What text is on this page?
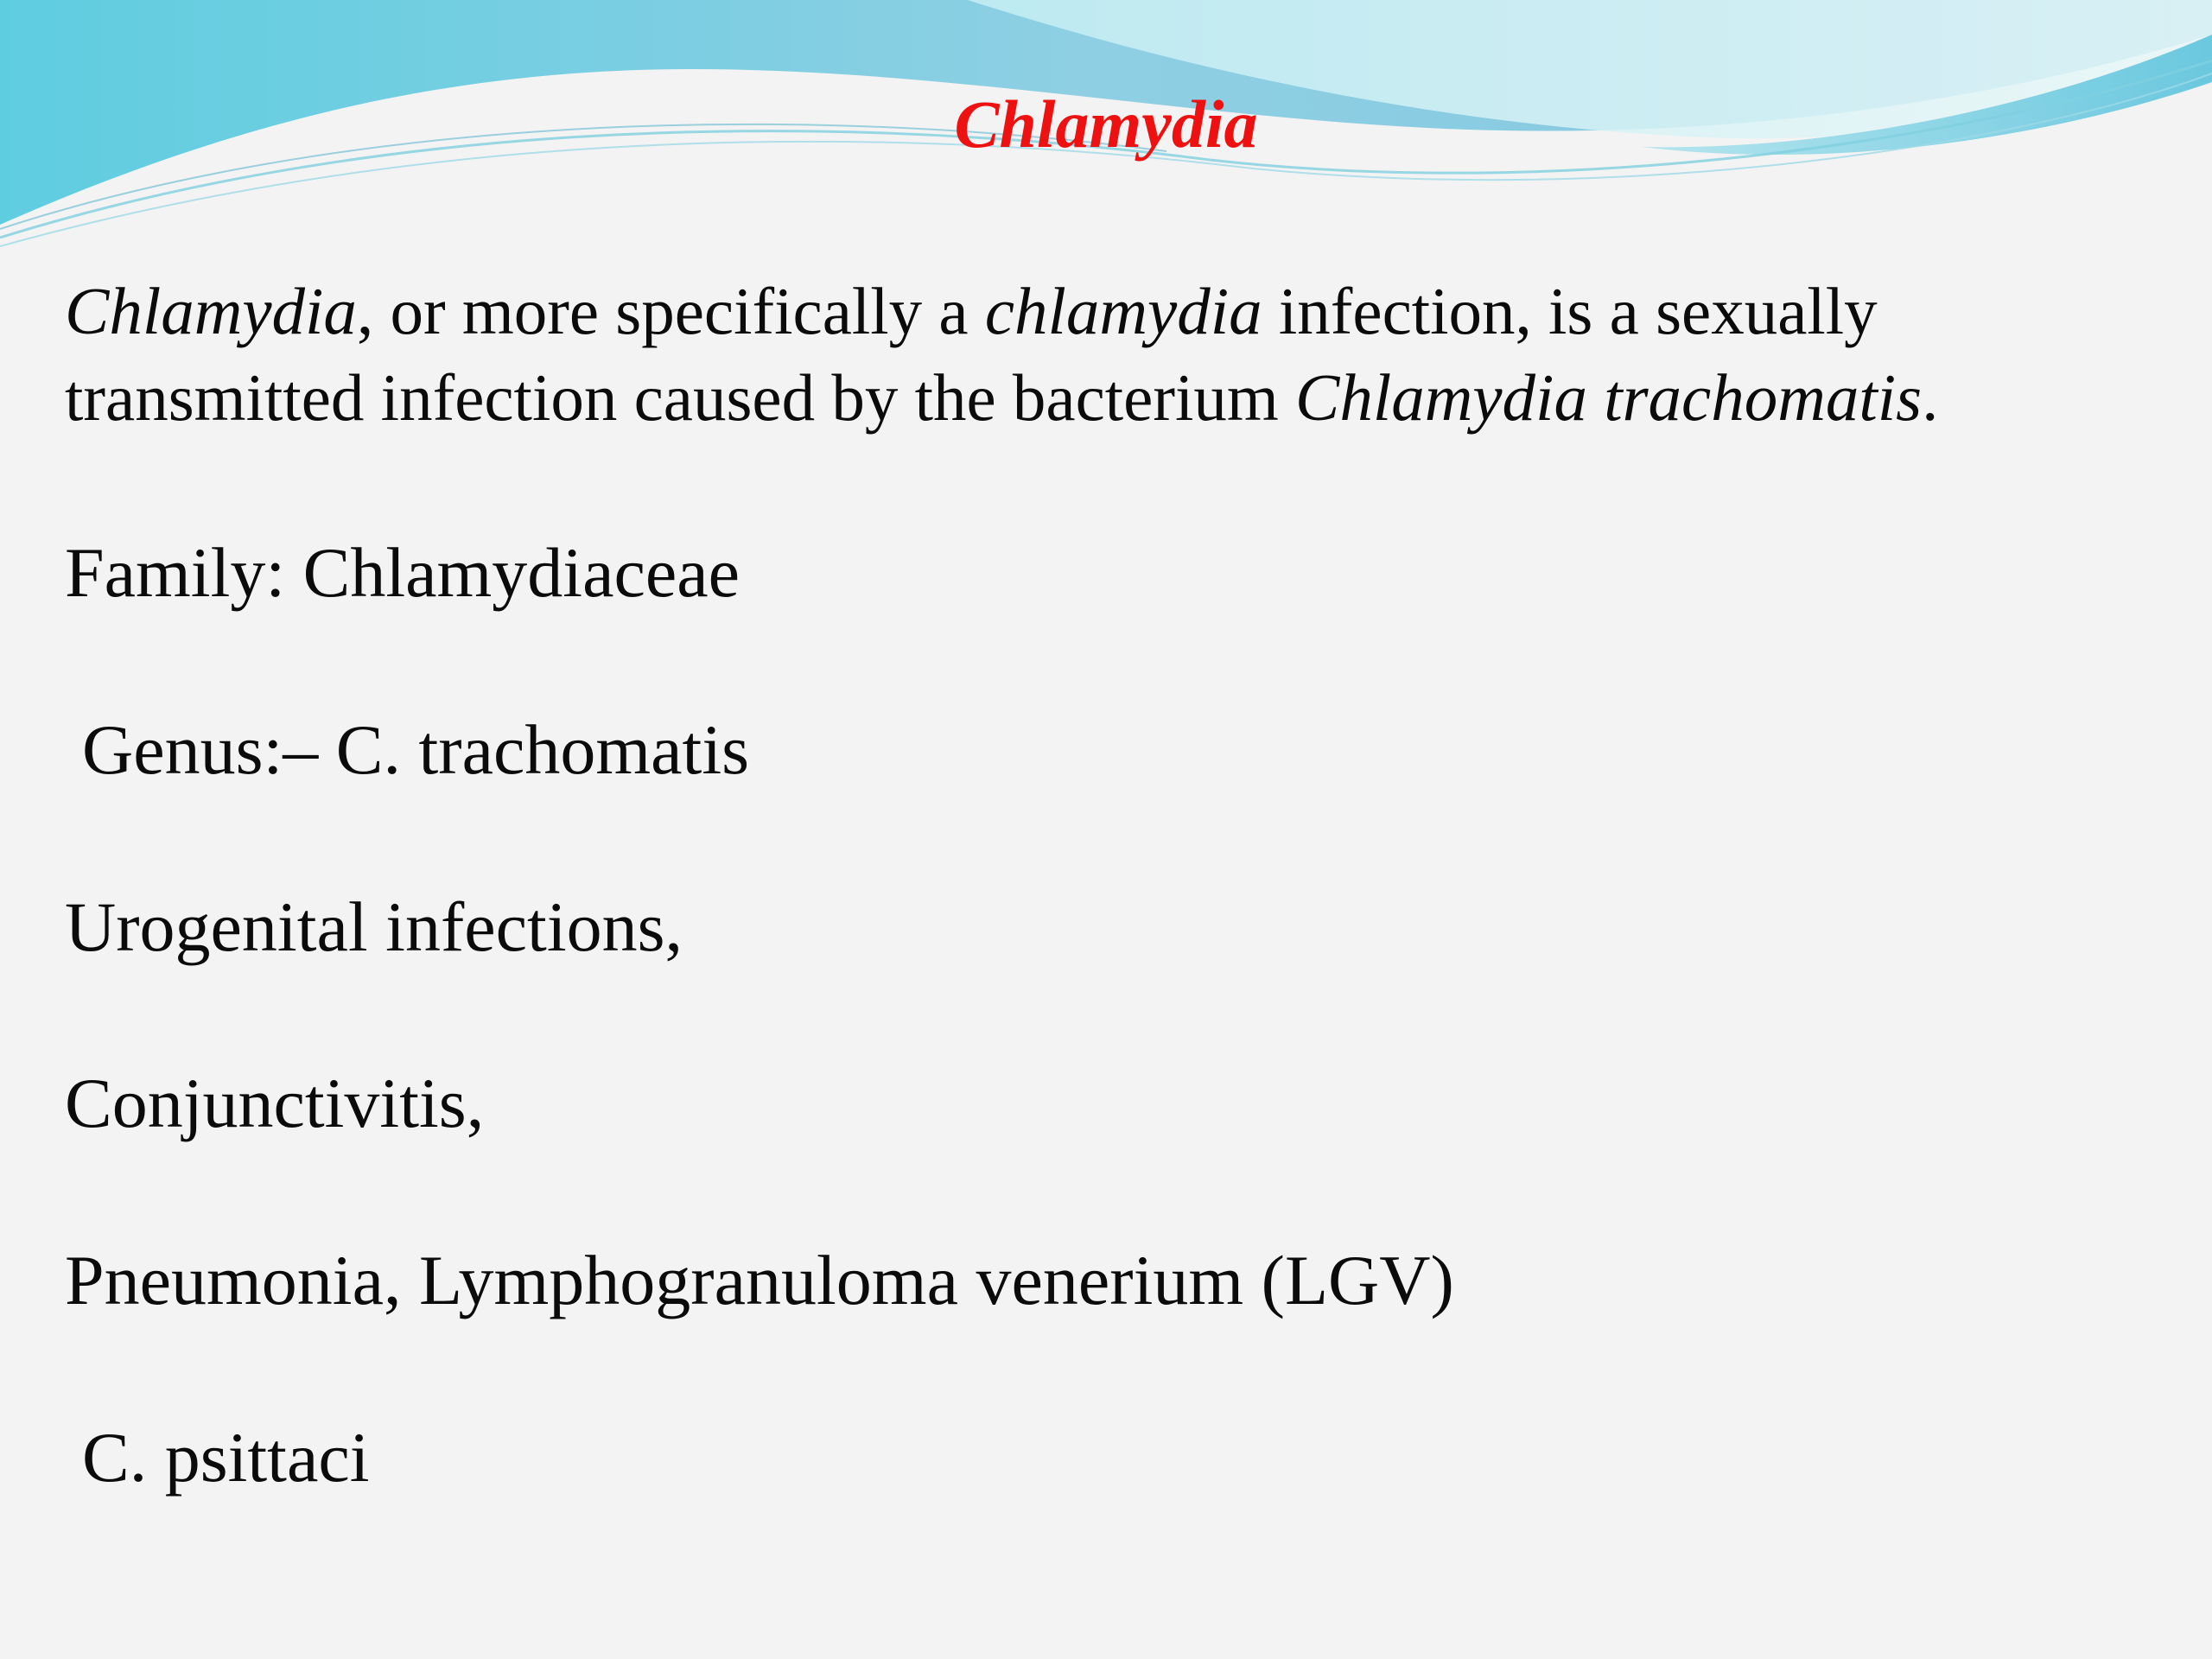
Chlamydia
Chlamydia, or more specifically a chlamydia infection, is a sexually transmitted infection caused by the bacterium Chlamydia trachomatis.
Family: Chlamydiaceae
Genus:– C. trachomatis
Urogenital infections,
Conjunctivitis,
Pneumonia, Lymphogranuloma venerium (LGV)
C. psittaci
